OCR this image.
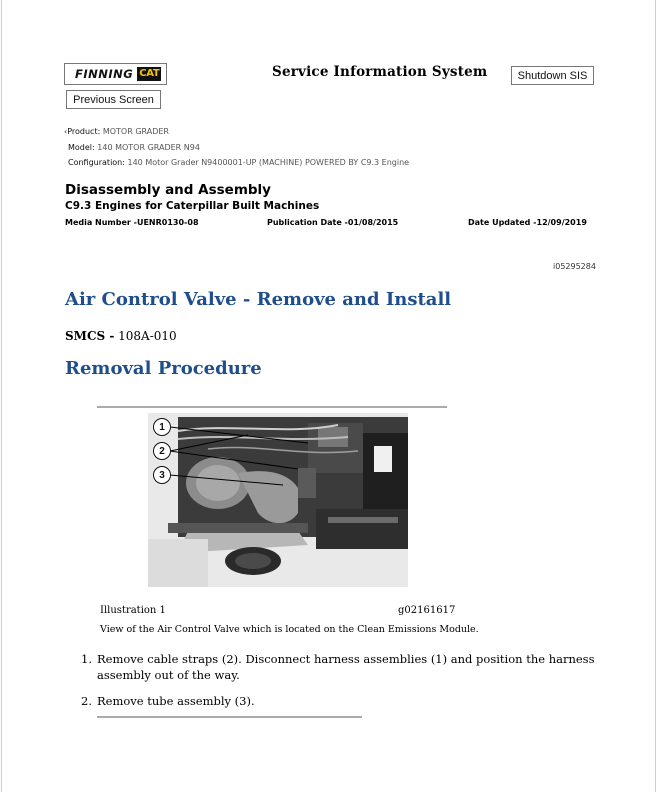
FINNING CAT	Service Information System	Shutdown SIS
Previous Screen
‹Product: MOTOR GRADER
Model: 140 MOTOR GRADER N94
Configuration: 140 Motor Grader N9400001-UP (MACHINE) POWERED BY C9.3 Engine
Disassembly and Assembly
C9.3 Engines for Caterpillar Built Machines
Media Number -UENR0130-08	Publication Date -01/08/2015	Date Updated -12/09/2019
i05295284
Air Control Valve - Remove and Install
SMCS - 108A-010
Removal Procedure
1
2
3
Illustration 1	g02161617
View of the Air Control Valve which is located on the Clean Emissions Module.
1. Remove cable straps (2). Disconnect harness assemblies (1) and position the harness assembly out of the way.
2. Remove tube assembly (3).
